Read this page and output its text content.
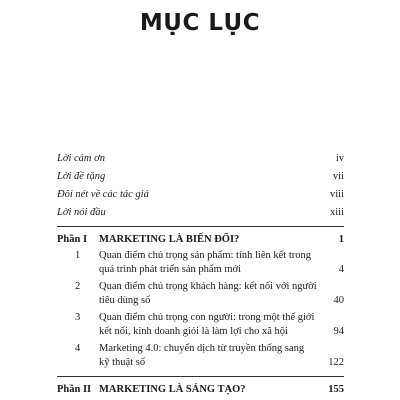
MỤC LỤC
Lời cảm ơn	iv
Lời đề tặng	vii
Đôi nét về các tác giả	viii
Lời nói đầu	xiii
Phần I MARKETING LÀ BIẾN ĐỔI?	1
1 Quan điểm chủ trọng sản phẩm: tính liên kết trong
quá trình phát triển sản phẩm mới	4
2 Quan điểm chủ trọng khách hàng: kết nối với người
tiêu dùng số	40
3 Quan điểm chủ trọng con người: trong một thế giới
kết nối, kinh doanh giỏi là làm lợi cho xã hội	94
4 Marketing 4.0: chuyển dịch từ truyền thống sang
kỹ thuật số	122
Phần II MARKETING LÀ SÁNG TẠO?	155
